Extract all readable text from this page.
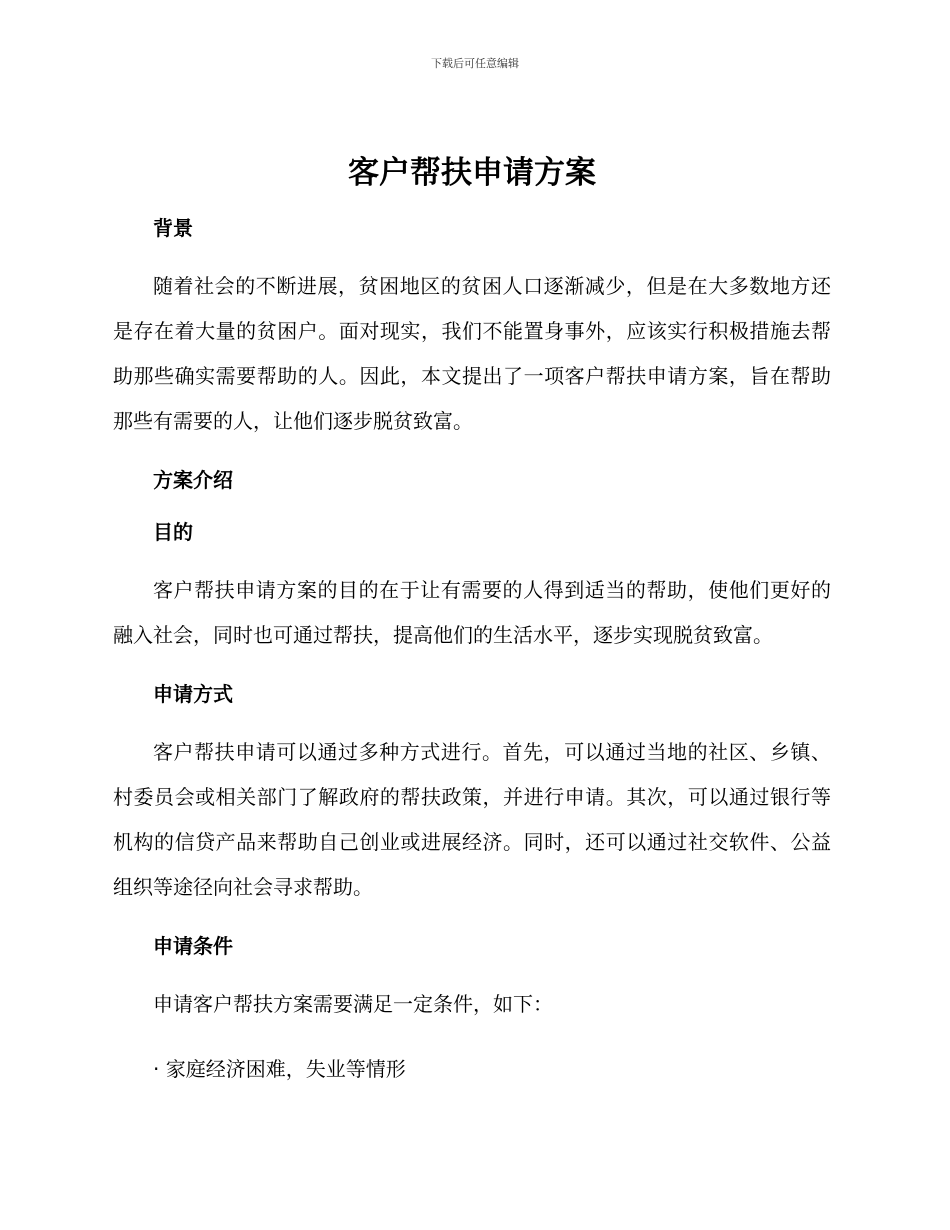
下载后可任意编辑
客户帮扶申请方案
背景
随着社会的不断进展，贫困地区的贫困人口逐渐减少，但是在大多数地方还是存在着大量的贫困户。面对现实，我们不能置身事外，应该实行积极措施去帮助那些确实需要帮助的人。因此，本文提出了一项客户帮扶申请方案，旨在帮助那些有需要的人，让他们逐步脱贫致富。
方案介绍
目的
客户帮扶申请方案的目的在于让有需要的人得到适当的帮助，使他们更好的融入社会，同时也可通过帮扶，提高他们的生活水平，逐步实现脱贫致富。
申请方式
客户帮扶申请可以通过多种方式进行。首先，可以通过当地的社区、乡镇、村委员会或相关部门了解政府的帮扶政策，并进行申请。其次，可以通过银行等机构的信贷产品来帮助自己创业或进展经济。同时，还可以通过社交软件、公益组织等途径向社会寻求帮助。
申请条件
申请客户帮扶方案需要满足一定条件，如下：
· 家庭经济困难，失业等情形
